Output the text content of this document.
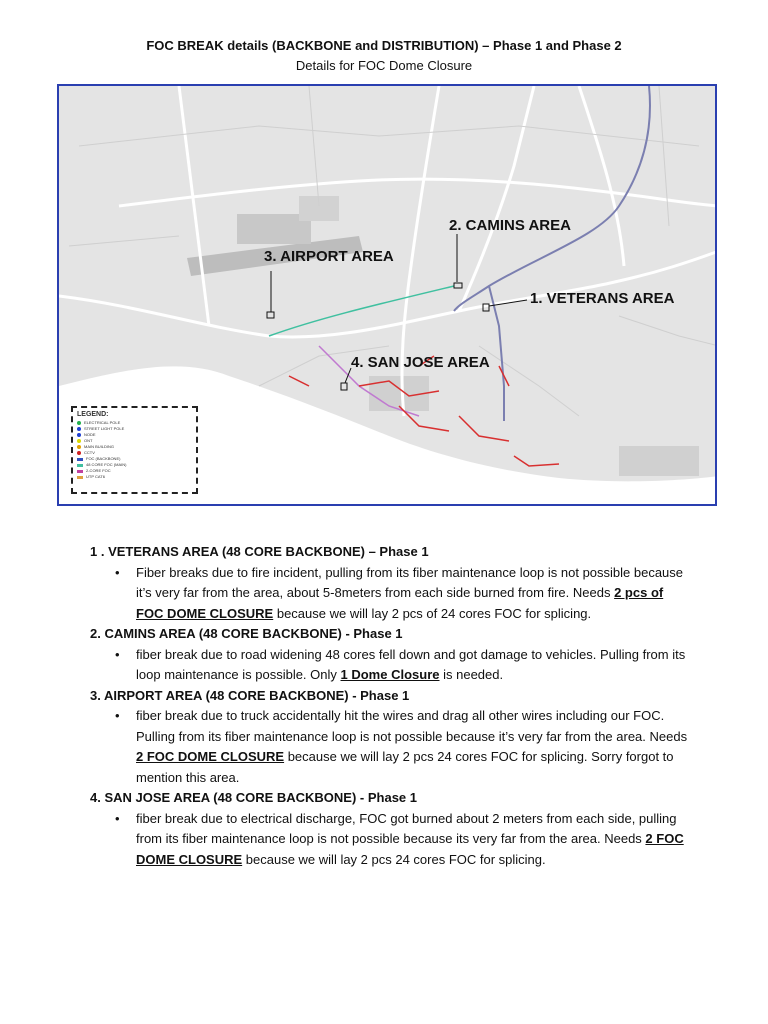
FOC BREAK details (BACKBONE and DISTRIBUTION) – Phase 1 and Phase 2
Details for FOC Dome Closure
1. VETERANS AREA
2. CAMINS AREA
3. AIRPORT AREA
4. SAN JOSE AREA
LEGEND:
ELECTRICAL POLE
STREET LIGHT POLE
NODE
ONT
MAIN BUILDING
CCTV
FOC (BACKBONE)
48 CORE FOC (MAIN)
2-CORE FOC
UTP CAT6

1 . VETERANS AREA (48 CORE BACKBONE) – Phase 1

• Fiber breaks due to fire incident, pulling from its fiber maintenance loop is not possible because it’s very far from the area, about 5-8meters from each side burned from fire. Needs 2 pcs of FOC DOME CLOSURE because we will lay 2 pcs of 24 cores FOC for splicing.

2. CAMINS AREA (48 CORE BACKBONE) - Phase 1

• fiber break due to road widening 48 cores fell down and got damage to vehicles. Pulling from its loop maintenance is possible. Only 1 Dome Closure is needed.

3. AIRPORT AREA (48 CORE BACKBONE) - Phase 1

• fiber break due to truck accidentally hit the wires and drag all other wires including our FOC. Pulling from its fiber maintenance loop is not possible because it’s very far from the area. Needs 2 FOC DOME CLOSURE because we will lay 2 pcs 24 cores FOC for splicing. Sorry forgot to mention this area.

4. SAN JOSE AREA (48 CORE BACKBONE) - Phase 1

• fiber break due to electrical discharge, FOC got burned about 2 meters from each side, pulling from its fiber maintenance loop is not possible because its very far from the area. Needs 2 FOC DOME CLOSURE because we will lay 2 pcs 24 cores FOC for splicing.
